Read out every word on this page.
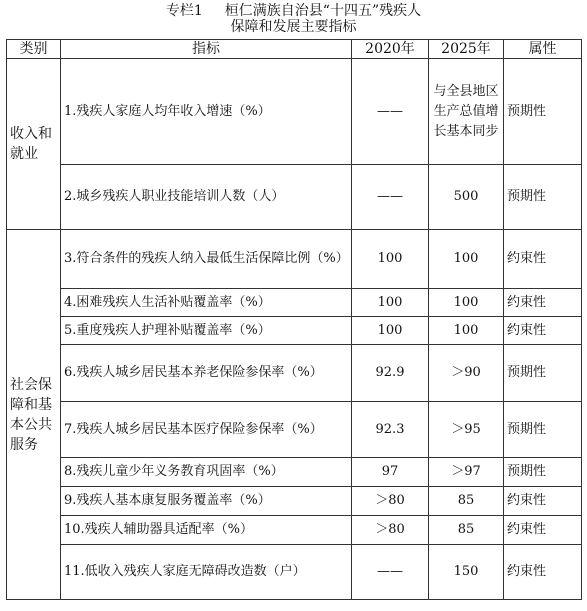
专栏1 桓仁满族自治县“十四五”残疾人
保障和发展主要指标
类别	指标	2020年	2025年	属性
收入和就业	1.残疾人家庭人均年收入增速（%）	——	与全县地区生产总值增长基本同步	预期性
	2.城乡残疾人职业技能培训人数（人）	——	500	预期性
社会保障和基本公共服务	3.符合条件的残疾人纳入最低生活保障比例（%）	100	100	约束性
	4.困难残疾人生活补贴覆盖率（%）	100	100	约束性
	5.重度残疾人护理补贴覆盖率（%）	100	100	约束性
	6.残疾人城乡居民基本养老保险参保率（%）	92.9	＞90	预期性
	7.残疾人城乡居民基本医疗保险参保率（%）	92.3	＞95	预期性
	8.残疾儿童少年义务教育巩固率（%）	97	＞97	预期性
	9.残疾人基本康复服务覆盖率（%）	＞80	85	约束性
	10.残疾人辅助器具适配率（%）	＞80	85	约束性
	11.低收入残疾人家庭无障碍改造数（户）	——	150	约束性
